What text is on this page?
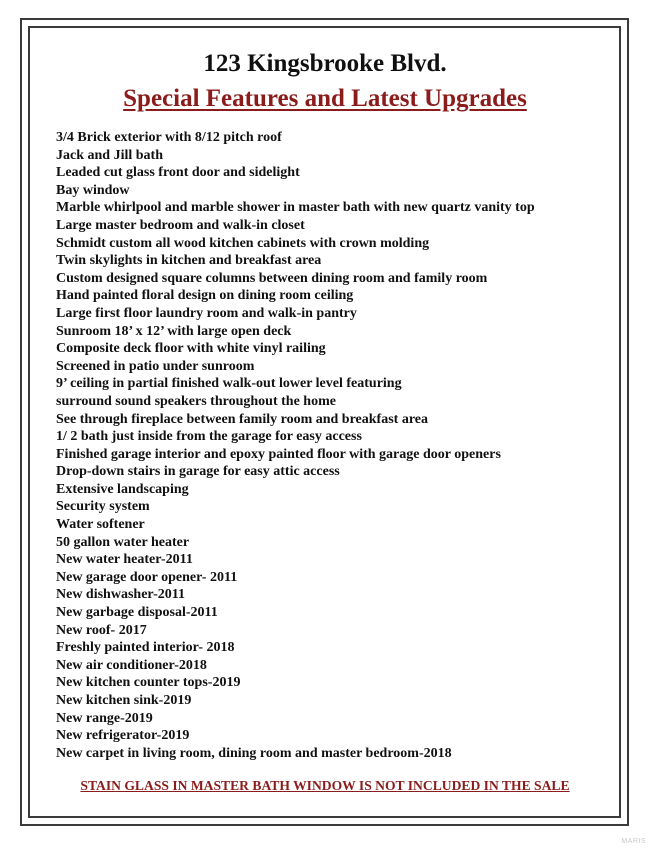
123 Kingsbrooke Blvd.
Special Features and Latest Upgrades
3/4 Brick exterior with 8/12 pitch roof
Jack and Jill bath
Leaded cut glass front door and sidelight
Bay window
Marble whirlpool and marble shower in master bath with new quartz vanity top
Large master bedroom and walk-in closet
Schmidt custom all wood kitchen cabinets with crown molding
Twin skylights in kitchen and breakfast area
Custom designed square columns between dining room and family room
Hand painted floral design on dining room ceiling
Large first floor laundry room and walk-in pantry
Sunroom 18’ x 12’ with large open deck
Composite deck floor with white vinyl railing
Screened in patio under sunroom
9’ ceiling in partial finished walk-out lower level featuring
surround sound speakers throughout the home
See through fireplace between family room and breakfast area
1/ 2 bath just inside from the garage for easy access
Finished garage interior and epoxy painted floor with garage door openers
Drop-down stairs in garage for easy attic access
Extensive landscaping
Security system
Water softener
50 gallon water heater
New water heater-2011
New garage door opener- 2011
New dishwasher-2011
New garbage disposal-2011
New roof- 2017
Freshly painted interior- 2018
New air conditioner-2018
New kitchen counter tops-2019
New kitchen sink-2019
New range-2019
New refrigerator-2019
New carpet in living room, dining room and master bedroom-2018

STAIN GLASS IN MASTER BATH WINDOW IS NOT INCLUDED IN THE SALE

MARIS
